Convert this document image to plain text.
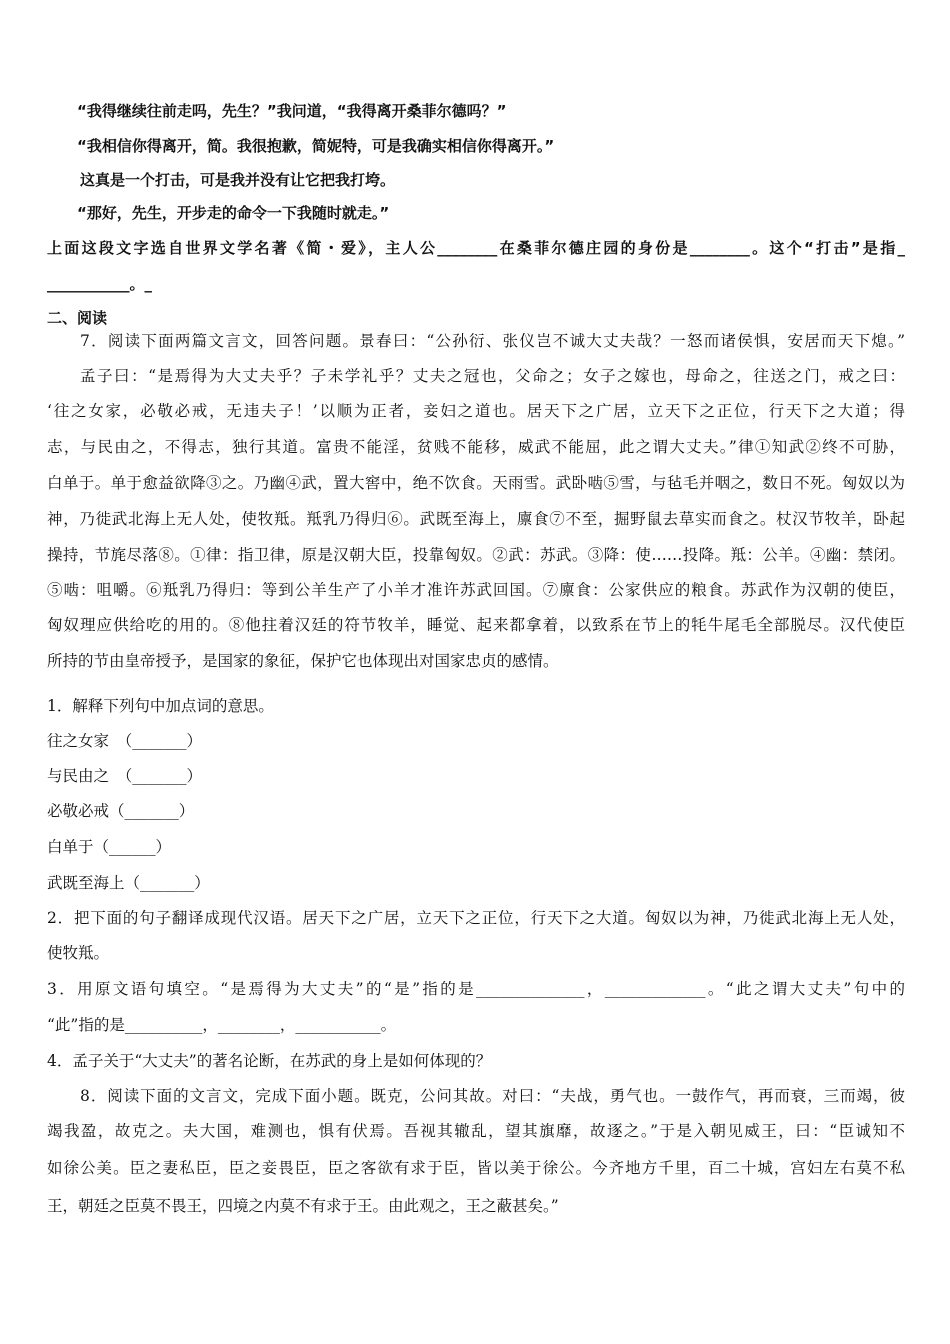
“我得继续往前走吗，先生？”我问道，“我得离开桑菲尔德吗？”
“我相信你得离开，简。我很抱歉，简妮特，可是我确实相信你得离开。”
这真是一个打击，可是我并没有让它把我打垮。
“那好，先生，开步走的命令一下我随时就走。”
上面这段文字选自世界文学名著《简・爱》，主人公________在桑菲尔德庄园的身份是________。这个“打击”是指_
___________。_
二、阅读
7．阅读下面两篇文言文，回答问题。景春曰：“公孙衍、张仪岂不诚大丈夫哉？一怒而诸侯惧，安居而天下熄。”
孟子曰：“是焉得为大丈夫乎？子未学礼乎？丈夫之冠也，父命之；女子之嫁也，母命之，往送之门，戒之曰：
‘往之女家，必敬必戒，无违夫子！’以顺为正者，妾妇之道也。居天下之广居，立天下之正位，行天下之大道；得
志，与民由之，不得志，独行其道。富贵不能淫，贫贱不能移，威武不能屈，此之谓大丈夫。”律①知武②终不可胁，
白单于。单于愈益欲降③之。乃幽④武，置大窖中，绝不饮食。天雨雪。武卧啮⑤雪，与毡毛并咽之，数日不死。匈奴以为
神，乃徙武北海上无人处，使牧羝。羝乳乃得归⑥。武既至海上，廪食⑦不至，掘野鼠去草实而食之。杖汉节牧羊，卧起
操持，节旄尽落⑧。①律：指卫律，原是汉朝大臣，投靠匈奴。②武：苏武。③降：使……投降。羝：公羊。④幽：禁闭。
⑤啮：咀嚼。⑥羝乳乃得归：等到公羊生产了小羊才准许苏武回国。⑦廪食：公家供应的粮食。苏武作为汉朝的使臣，
匈奴理应供给吃的用的。⑧他拄着汉廷的符节牧羊，睡觉、起来都拿着，以致系在节上的牦牛尾毛全部脱尽。汉代使臣
所持的节由皇帝授予，是国家的象征，保护它也体现出对国家忠贞的感情。
1．解释下列句中加点词的意思。
往之女家　（_______）
与民由之　（_______）
必敬必戒（_______）
白单于（______）
武既至海上（_______）
2．把下面的句子翻译成现代汉语。居天下之广居，立天下之正位，行天下之大道。匈奴以为神，乃徙武北海上无人处，
使牧羝。
3．用原文语句填空。“是焉得为大丈夫”的“是”指的是______________，_____________。“此之谓大丈夫”句中的
“此”指的是__________，________，___________。
4．孟子关于“大丈夫”的著名论断，在苏武的身上是如何体现的？
8．阅读下面的文言文，完成下面小题。既克，公问其故。对曰：“夫战，勇气也。一鼓作气，再而衰，三而竭，彼
竭我盈，故克之。夫大国，难测也，惧有伏焉。吾视其辙乱，望其旗靡，故逐之。”于是入朝见威王，曰：“臣诚知不
如徐公美。臣之妻私臣，臣之妾畏臣，臣之客欲有求于臣，皆以美于徐公。今齐地方千里，百二十城，宫妇左右莫不私
王，朝廷之臣莫不畏王，四境之内莫不有求于王。由此观之，王之蔽甚矣。”
